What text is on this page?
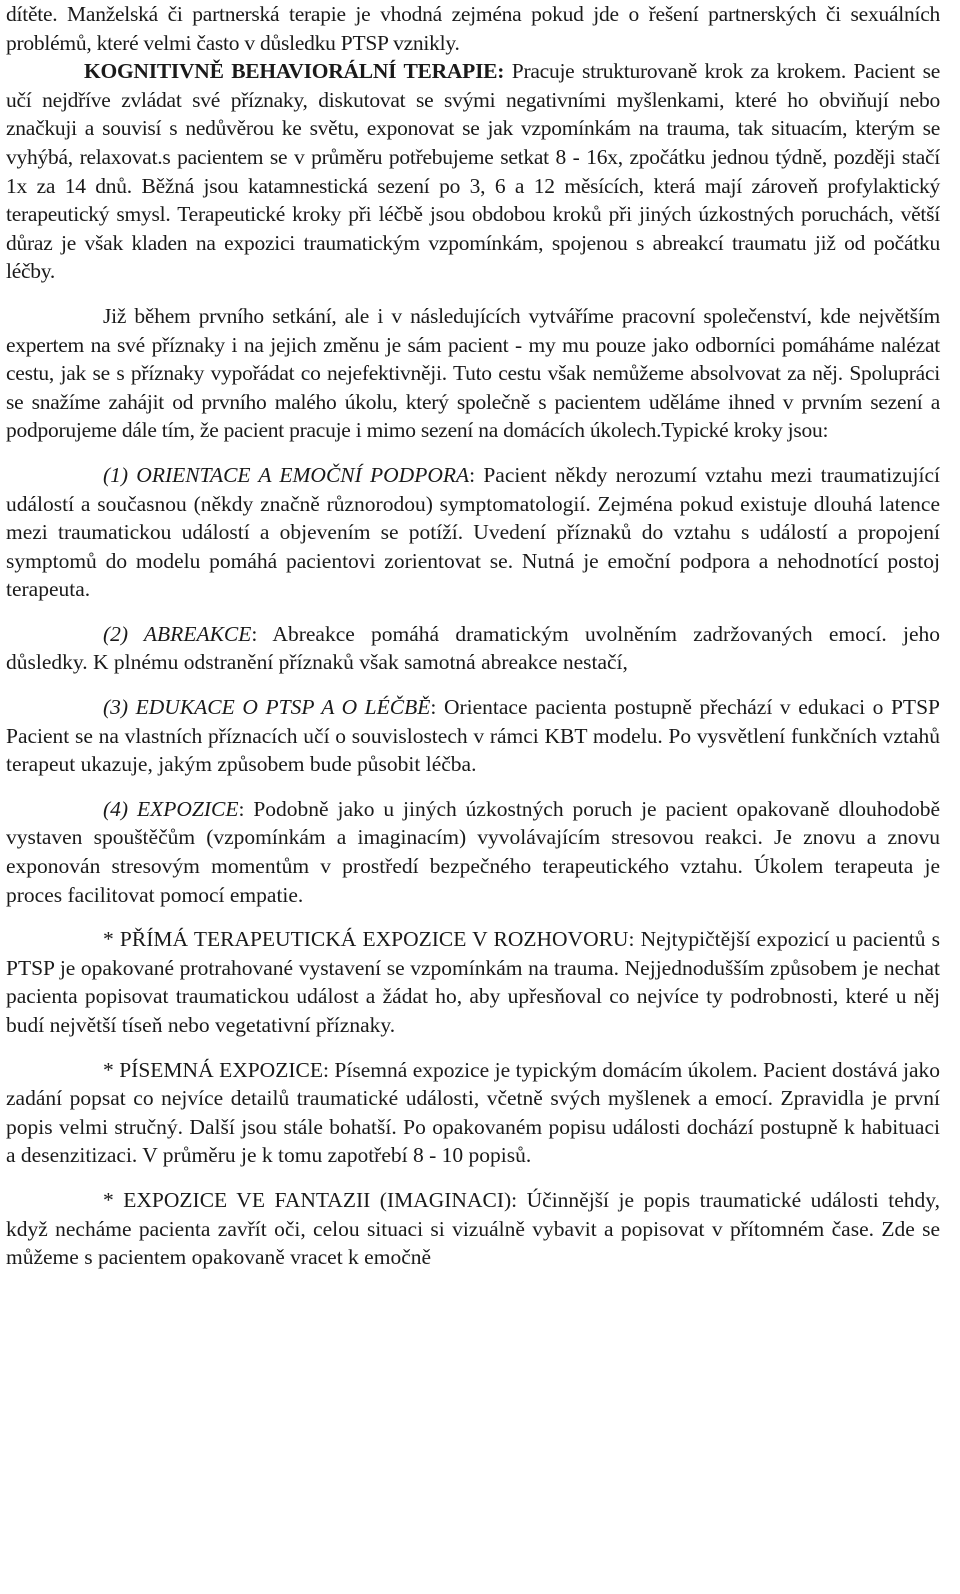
dítěte. Manželská či partnerská terapie je vhodná zejména pokud jde o řešení partnerských či sexuálních problémů, které velmi často v důsledku PTSP vznikly.

KOGNITIVNĚ BEHAVIORÁLNÍ TERAPIE: Pracuje strukturovaně krok za krokem. Pacient se učí nejdříve zvládat své příznaky, diskutovat se svými negativními myšlenkami, které ho obviňují nebo značkuji a souvisí s nedůvěrou ke světu, exponovat se jak vzpomínkám na trauma, tak situacím, kterým se vyhýbá, relaxovat.s pacientem se v průměru potřebujeme setkat 8 - 16x, zpočátku jednou týdně, později stačí 1x za 14 dnů. Běžná jsou katamnestická sezení po 3, 6 a 12 měsících, která mají zároveň profylaktický terapeutický smysl. Terapeutické kroky při léčbě jsou obdobou kroků při jiných úzkostných poruchách, větší důraz je však kladen na expozici traumatickým vzpomínkám, spojenou s abreakcí traumatu již od počátku léčby.

Již během prvního setkání, ale i v následujících vytváříme pracovní společenství, kde největším expertem na své příznaky i na jejich změnu je sám pacient - my mu pouze jako odborníci pomáháme nalézat cestu, jak se s příznaky vypořádat co nejefektivněji. Tuto cestu však nemůžeme absolvovat za něj. Spolupráci se snažíme zahájit od prvního malého úkolu, který společně s pacientem uděláme ihned v prvním sezení a podporujeme dále tím, že pacient pracuje i mimo sezení na domácích úkolech.Typické kroky jsou:

(1) ORIENTACE A EMOČNÍ PODPORA: Pacient někdy nerozumí vztahu mezi traumatizující událostí a současnou (někdy značně různorodou) symptomatologií. Zejména pokud existuje dlouhá latence mezi traumatickou událostí a objevením se potíží. Uvedení příznaků do vztahu s událostí a propojení symptomů do modelu pomáhá pacientovi zorientovat se. Nutná je emoční podpora a nehodnotící postoj terapeuta.

(2) ABREAKCE: Abreakce pomáhá dramatickým uvolněním zadržovaných emocí. jeho důsledky. K plnému odstranění příznaků však samotná abreakce nestačí,

(3) EDUKACE O PTSP A O LÉČBĚ: Orientace pacienta postupně přechází v edukaci o PTSP Pacient se na vlastních příznacích učí o souvislostech v rámci KBT modelu. Po vysvětlení funkčních vztahů terapeut ukazuje, jakým způsobem bude působit léčba.

(4) EXPOZICE: Podobně jako u jiných úzkostných poruch je pacient opakovaně dlouhodobě vystaven spouštěčům (vzpomínkám a imaginacím) vyvolávajícím stresovou reakci. Je znovu a znovu exponován stresovým momentům v prostředí bezpečného terapeutického vztahu. Úkolem terapeuta je proces facilitovat pomocí empatie.

* PŘÍMÁ TERAPEUTICKÁ EXPOZICE V ROZHOVORU: Nejtypičtější expozicí u pacientů s PTSP je opakované protrahované vystavení se vzpomínkám na trauma. Nejjednodušším způsobem je nechat pacienta popisovat traumatickou událost a žádat ho, aby upřesňoval co nejvíce ty podrobnosti, které u něj budí největší tíseň nebo vegetativní příznaky.

* PÍSEMNÁ EXPOZICE: Písemná expozice je typickým domácím úkolem. Pacient dostává jako zadání popsat co nejvíce detailů traumatické události, včetně svých myšlenek a emocí. Zpravidla je první popis velmi stručný. Další jsou stále bohatší. Po opakovaném popisu události dochází postupně k habituaci a desenzitizaci. V průměru je k tomu zapotřebí 8 - 10 popisů.

* EXPOZICE VE FANTAZII (IMAGINACI): Účinnější je popis traumatické události tehdy, když necháme pacienta zavřít oči, celou situaci si vizuálně vybavit a popisovat v přítomném čase. Zde se můžeme s pacientem opakovaně vracet k emočně
